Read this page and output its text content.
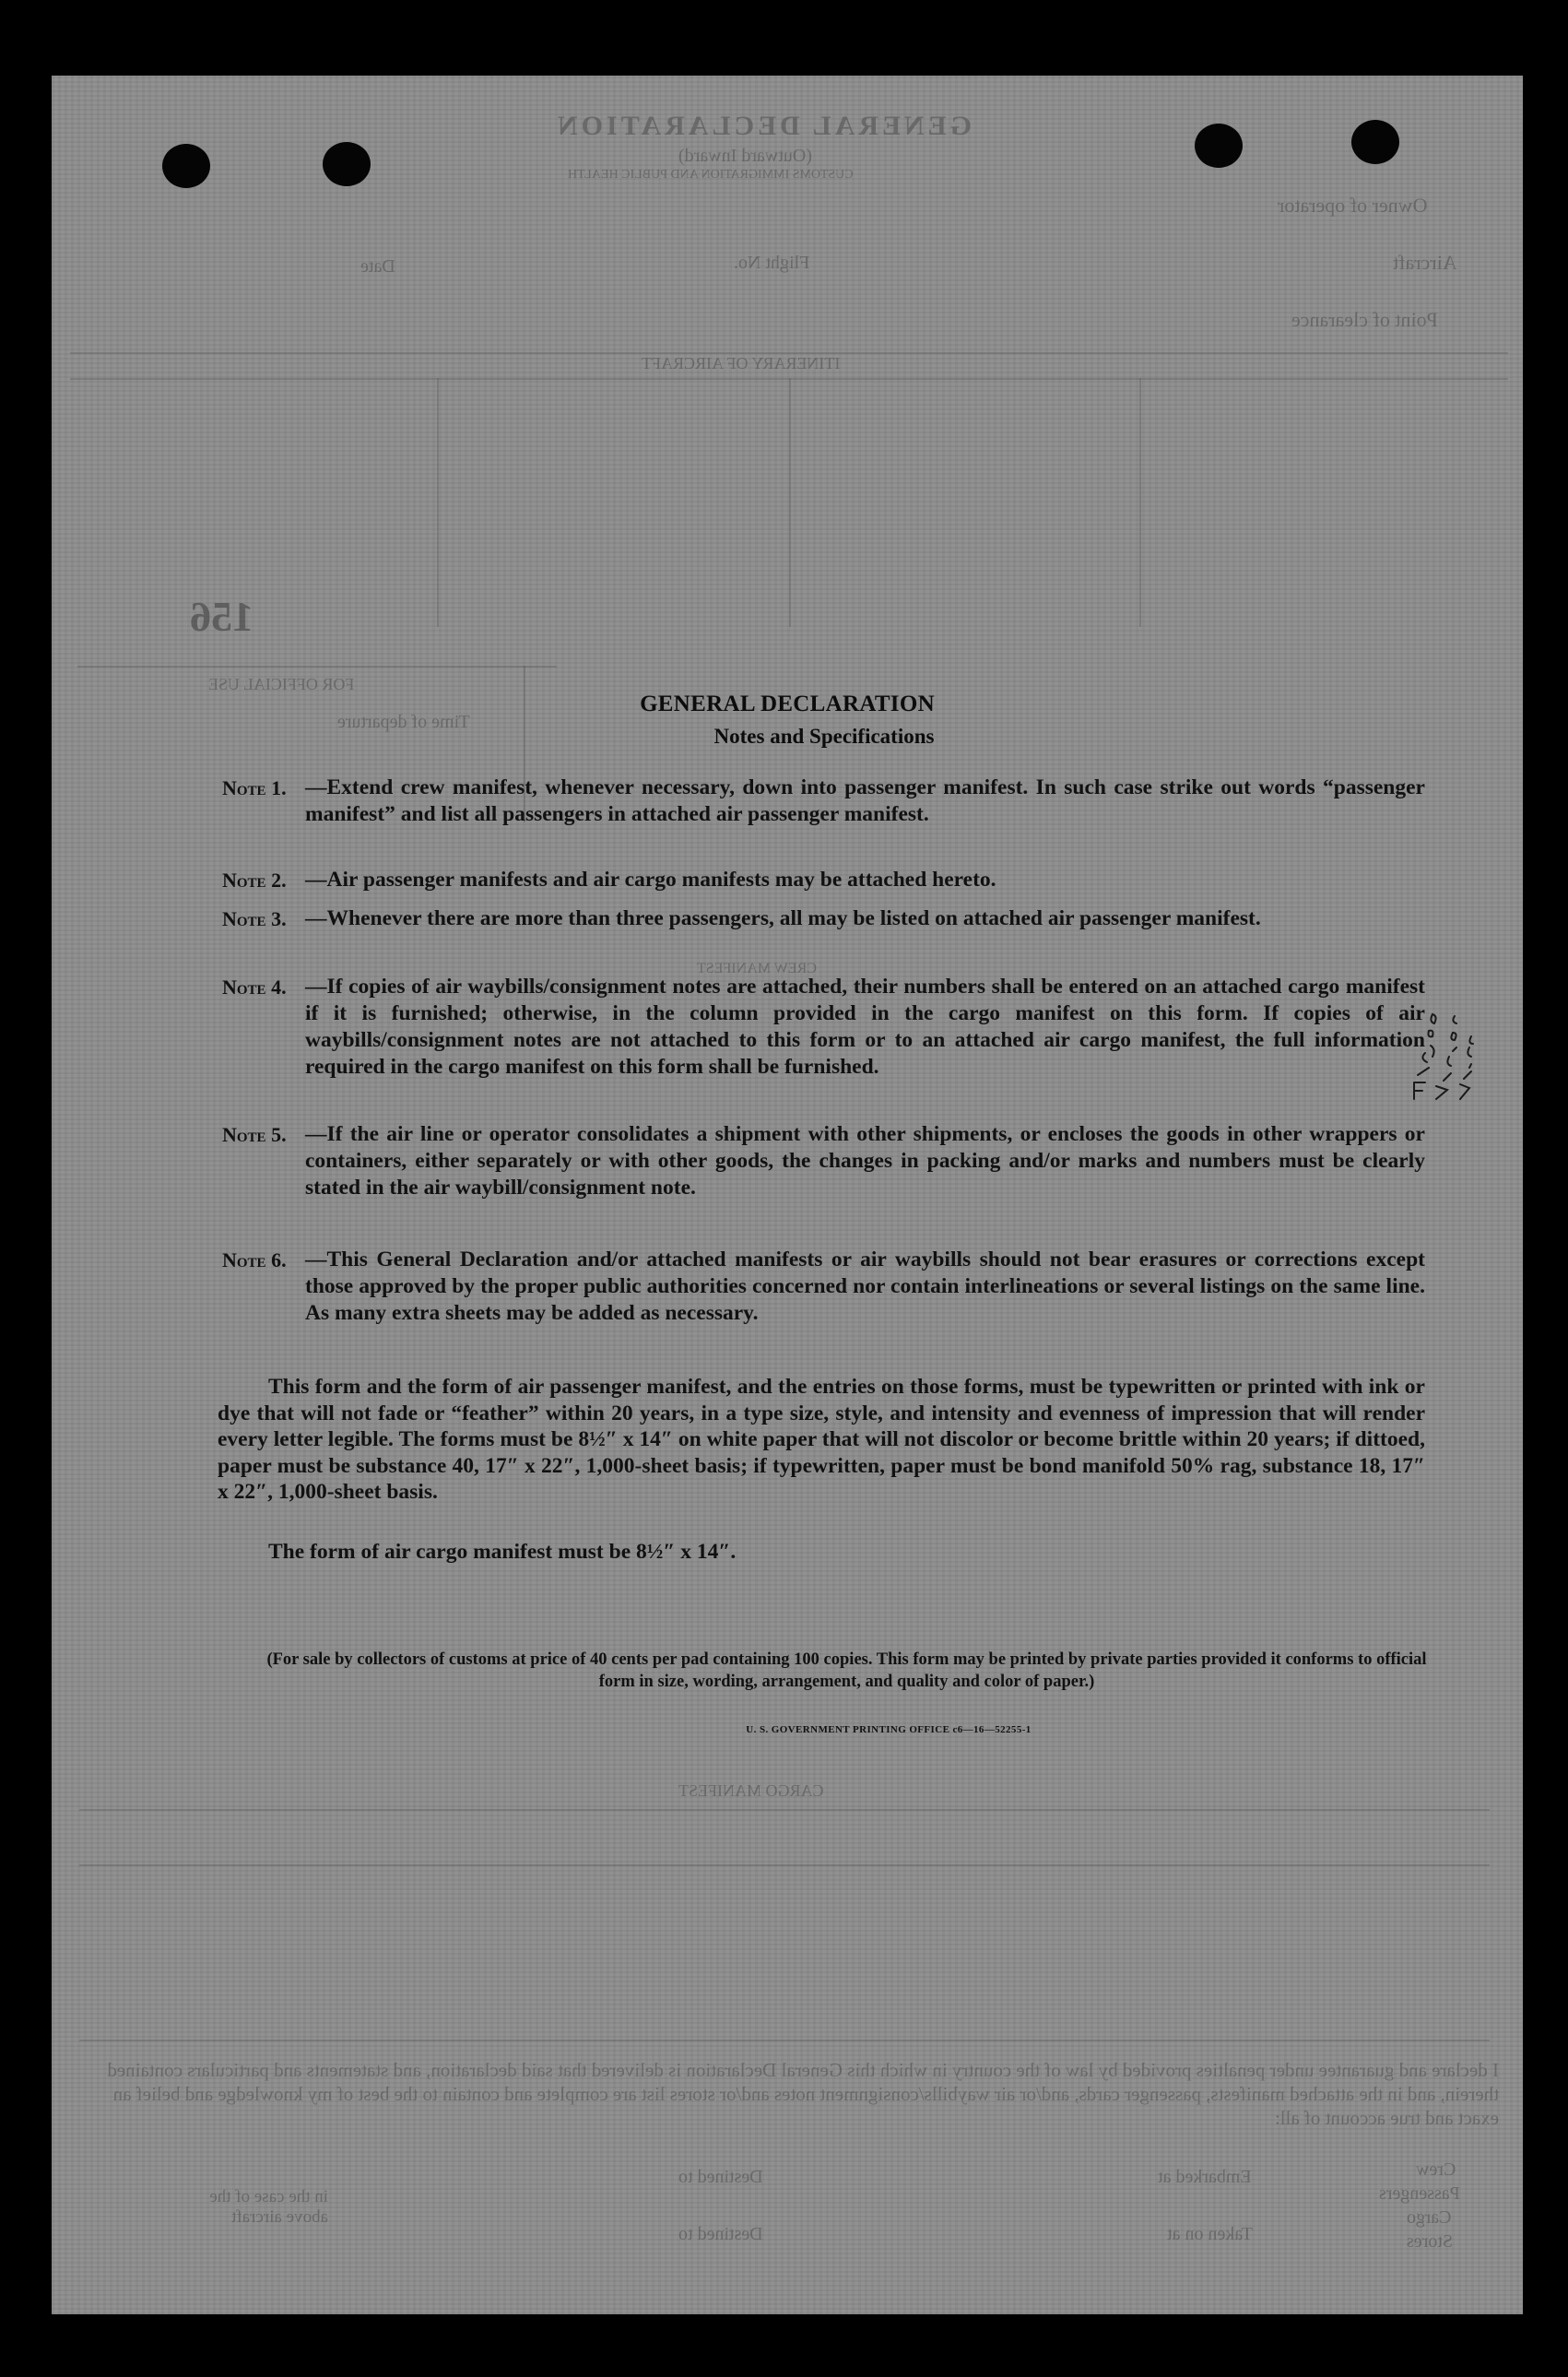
GENERAL DECLARATION
(Outward Inward)
CUSTOMS IMMIGRATION AND PUBLIC HEALTH
Owner of operator
Aircraft
Flight No.
Date
Point of clearance
ITINERARY OF AIRCRAFT
156
FOR OFFICIAL USE
Time of departure
CREW MANIFEST
CARGO MANIFEST
I declare and guarantee under penalties provided by law of the country in which this General Declaration is delivered that said declaration, and statements and particulars contained therein, and in the attached manifests, passenger cards, and/or air waybills/consignment notes and/or stores list are complete and contain to the best of my knowledge and belief an exact and true account of all:
Crew
Passengers
Cargo
Stores
Embarked at
Taken on at
Destined to
Destined to
in the case of the above aircraft
GENERAL DECLARATION
Notes and Specifications
Note 1. —Extend crew manifest, whenever necessary, down into passenger manifest. In such case strike out words “passenger manifest” and list all passengers in attached air passenger manifest.
Note 2. —Air passenger manifests and air cargo manifests may be attached hereto.
Note 3. —Whenever there are more than three passengers, all may be listed on attached air passenger manifest.
Note 4. —If copies of air waybills/consignment notes are attached, their numbers shall be entered on an attached cargo manifest if it is furnished; otherwise, in the column provided in the cargo manifest on this form. If copies of air waybills/consignment notes are not attached to this form or to an attached air cargo manifest, the full information required in the cargo manifest on this form shall be furnished.
Note 5. —If the air line or operator consolidates a shipment with other shipments, or encloses the goods in other wrappers or containers, either separately or with other goods, the changes in packing and/or marks and numbers must be clearly stated in the air waybill/consignment note.
Note 6. —This General Declaration and/or attached manifests or air waybills should not bear erasures or corrections except those approved by the proper public authorities concerned nor contain interlineations or several listings on the same line. As many extra sheets may be added as necessary.
This form and the form of air passenger manifest, and the entries on those forms, must be typewritten or printed with ink or dye that will not fade or “feather” within 20 years, in a type size, style, and intensity and evenness of impression that will render every letter legible. The forms must be 8½″ x 14″ on white paper that will not discolor or become brittle within 20 years; if dittoed, paper must be substance 40, 17″ x 22″, 1,000-sheet basis; if typewritten, paper must be bond manifold 50% rag, substance 18, 17″ x 22″, 1,000-sheet basis.
The form of air cargo manifest must be 8½″ x 14″.
(For sale by collectors of customs at price of 40 cents per pad containing 100 copies. This form may be printed by private parties provided it conforms to official form in size, wording, arrangement, and quality and color of paper.)
U. S. GOVERNMENT PRINTING OFFICE c6—16—52255-1
